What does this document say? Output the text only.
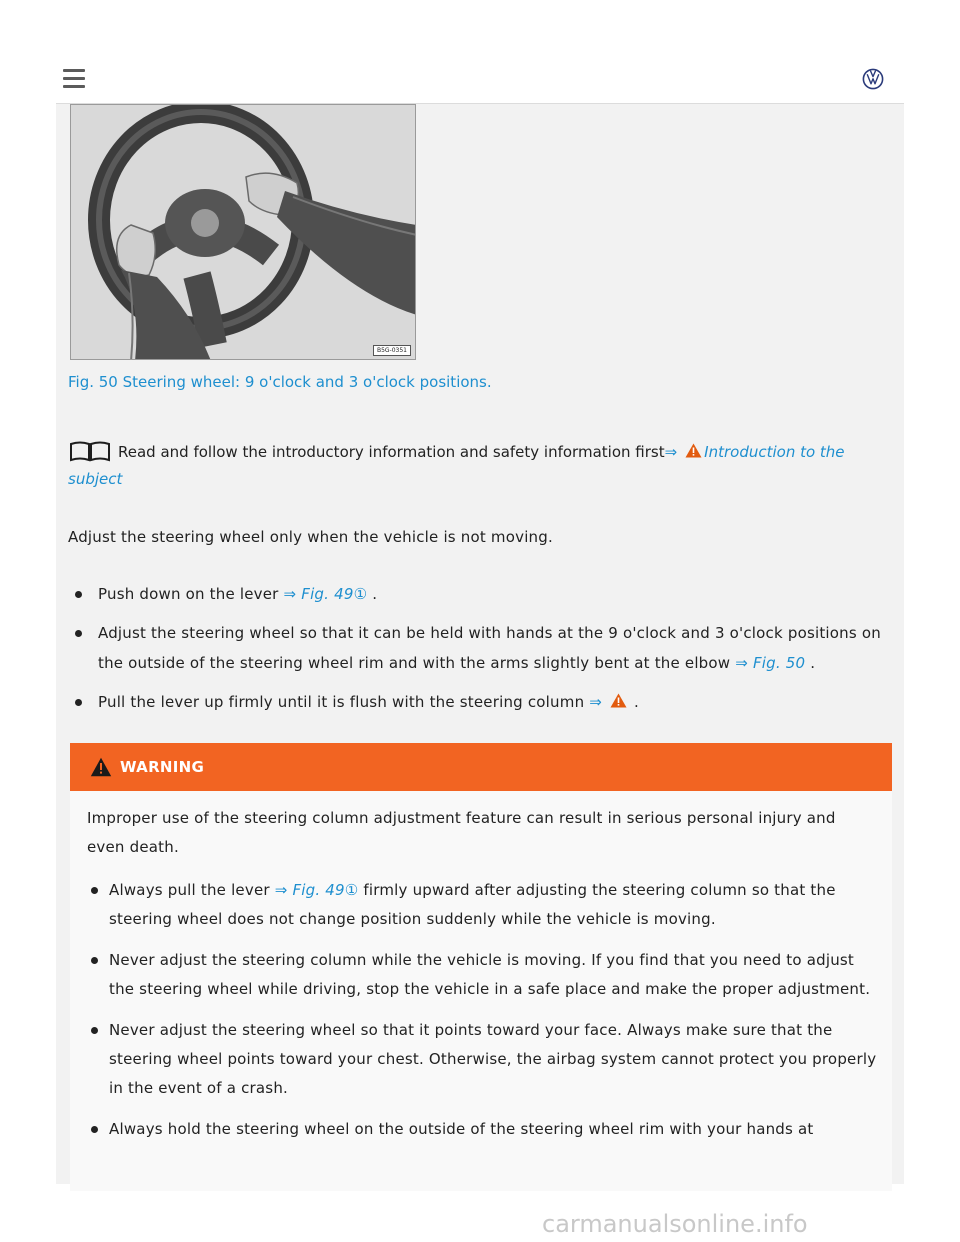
B5G-0351
Fig. 50 Steering wheel: 9 o'clock and 3 o'clock positions.
Read and follow the introductory information and safety information first⇒ Introduction to the subject
Adjust the steering wheel only when the vehicle is not moving.
Push down on the lever ⇒ Fig. 49① .
Adjust the steering wheel so that it can be held with hands at the 9 o'clock and 3 o'clock positions on the outside of the steering wheel rim and with the arms slightly bent at the elbow ⇒ Fig. 50 .
Pull the lever up firmly until it is flush with the steering column ⇒ .
WARNING
Improper use of the steering column adjustment feature can result in serious personal injury and even death.
Always pull the lever ⇒ Fig. 49① firmly upward after adjusting the steering column so that the steering wheel does not change position suddenly while the vehicle is moving.
Never adjust the steering column while the vehicle is moving. If you find that you need to adjust the steering wheel while driving, stop the vehicle in a safe place and make the proper adjustment.
Never adjust the steering wheel so that it points toward your face. Always make sure that the steering wheel points toward your chest. Otherwise, the airbag system cannot protect you properly in the event of a crash.
Always hold the steering wheel on the outside of the steering wheel rim with your hands at
carmanualsonline.info
